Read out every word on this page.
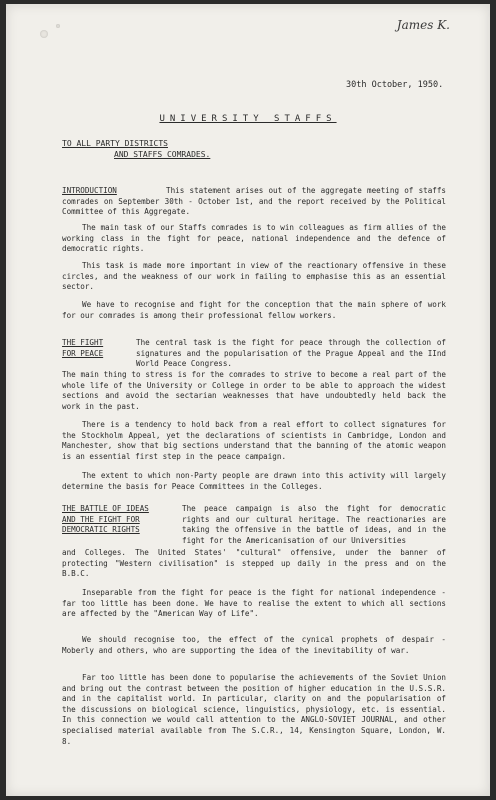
James K.
30th October, 1950.
UNIVERSITY STAFFS
TO ALL PARTY DISTRICTS
AND STAFFS COMRADES.
INTRODUCTION	This statement arises out of the aggregate meeting of staffs comrades on September 30th - October 1st, and the report received by the Political Committee of this Aggregate.

The main task of our Staffs comrades is to win colleagues as firm allies of the working class in the fight for peace, national independence and the defence of democratic rights.

This task is made more important in view of the reactionary offensive in these circles, and the weakness of our work in failing to emphasise this as an essential sector.

We have to recognise and fight for the conception that the main sphere of work for our comrades is among their professional fellow workers.

THE FIGHT
FOR PEACE

The central task is the fight for peace through the collection of signatures and the popularisation of the Prague Appeal and the IInd World Peace Congress.

The main thing to stress is for the comrades to strive to become a real part of the whole life of the University or College in order to be able to approach the widest sections and avoid the sectarian weaknesses that have undoubtedly held back the work in the past.

There is a tendency to hold back from a real effort to collect signatures for the Stockholm Appeal, yet the declarations of scientists in Cambridge, London and Manchester, show that big sections understand that the banning of the atomic weapon is an essential first step in the peace campaign.

The extent to which non-Party people are drawn into this activity will largely determine the basis for Peace Committees in the Colleges.

THE BATTLE OF IDEAS
AND THE FIGHT FOR
DEMOCRATIC RIGHTS

The peace campaign is also the fight for democratic rights and our cultural heritage. The reactionaries are taking the offensive in the battle of ideas, and in the fight for the Americanisation of our Universities

and Colleges. The United States' "cultural" offensive, under the banner of protecting "Western civilisation" is stepped up daily in the press and on the B.B.C.

Inseparable from the fight for peace is the fight for national independence - far too little has been done. We have to realise the extent to which all sections are affected by the "American Way of Life".

We should recognise too, the effect of the cynical prophets of despair - Moberly and others, who are supporting the idea of the inevitability of war.

Far too little has been done to popularise the achievements of the Soviet Union and bring out the contrast between the position of higher education in the U.S.S.R. and in the capitalist world. In particular, clarity on and the popularisation of the discussions on biological science, linguistics, physiology, etc. is essential. In this connection we would call attention to the ANGLO-SOVIET JOURNAL, and other specialised material available from The S.C.R., 14, Kensington Square, London, W. 8.
